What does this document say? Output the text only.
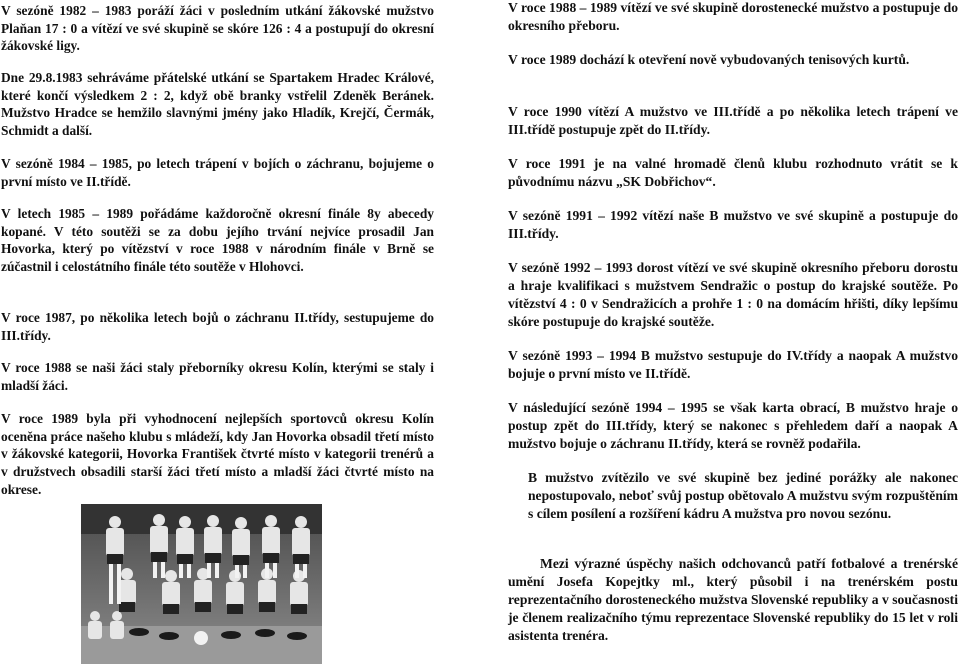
V sezóně 1982 – 1983 poráží žáci v posledním utkání žákovské mužstvo Plaňan 17 : 0 a vítězí ve své skupině se skóre 126 : 4 a postupují do okresní žákovské ligy.

Dne 29.8.1983 sehráváme přátelské utkání se Spartakem Hradec Králové, které končí výsledkem 2 : 2, když obě branky vstřelil Zdeněk Beránek. Mužstvo Hradce se hemžilo slavnými jmény jako Hladík, Krejčí, Čermák, Schmidt a další.

V sezóně 1984 – 1985, po letech trápení v bojích o záchranu, bojujeme o první místo ve II.třídě.

V letech 1985 – 1989 pořádáme každoročně okresní finále 8y abecedy kopané. V této soutěži se za dobu jejího trvání nejvíce prosadil Jan Hovorka, který po vítězství v roce 1988 v národním finále v Brně se zúčastnil i celostátního finále této soutěže v Hlohovci.

V roce 1987, po několika letech bojů o záchranu II.třídy, sestupujeme do III.třídy.

V roce 1988 se naši žáci staly přeborníky okresu Kolín, kterými se staly i mladší žáci.

V roce 1989 byla při vyhodnocení nejlepších sportovců okresu Kolín oceněna práce našeho klubu s mládeží, kdy Jan Hovorka obsadil třetí místo v žákovské kategorii, Hovorka František čtvrté místo v kategorii trenérů a v družstvech obsadili starší žáci třetí místo a mladší žáci čtvrté místo na okrese.

V roce 1988 – 1989 vítězí ve své skupině dorostenecké mužstvo a postupuje do okresního přeboru.

V roce 1989 dochází k otevření nově vybudovaných tenisových kurtů.

V roce 1990 vítězí A mužstvo ve III.třídě a po několika letech trápení ve III.třídě postupuje zpět do II.třídy.

V roce 1991 je na valné hromadě členů klubu rozhodnuto vrátit se k původnímu názvu „SK Dobřichov“.

V sezóně 1991 – 1992 vítězí naše B mužstvo ve své skupině a postupuje do III.třídy.

V sezóně 1992 – 1993 dorost vítězí ve své skupině okresního přeboru dorostu a hraje kvalifikaci s mužstvem Sendražic o postup do krajské soutěže. Po vítězství 4 : 0 v Sendražicích a prohře 1 : 0 na domácím hřišti, díky lepšímu skóre postupuje do krajské soutěže.

V sezóně 1993 – 1994 B mužstvo sestupuje do IV.třídy a naopak A mužstvo bojuje o první místo ve II.třídě.

V následující sezóně 1994 – 1995 se však karta obrací, B mužstvo hraje o postup zpět do III.třídy, který se nakonec s přehledem daří a naopak A mužstvo bojuje o záchranu II.třídy, která se rovněž podařila.

B mužstvo zvítězilo ve své skupině bez jediné porážky ale nakonec nepostupovalo, neboť svůj postup obětovalo A mužstvu svým rozpuštěním s cílem posílení a rozšíření kádru A mužstva pro novou sezónu.

Mezi výrazné úspěchy našich odchovanců patří fotbalové a trenérské umění Josefa Kopejtky ml., který působil i na trenérském postu reprezentačního dorosteneckého mužstva Slovenské republiky a v současnosti je členem realizačního týmu reprezentace Slovenské republiky do 15 let v roli asistenta trenéra.
